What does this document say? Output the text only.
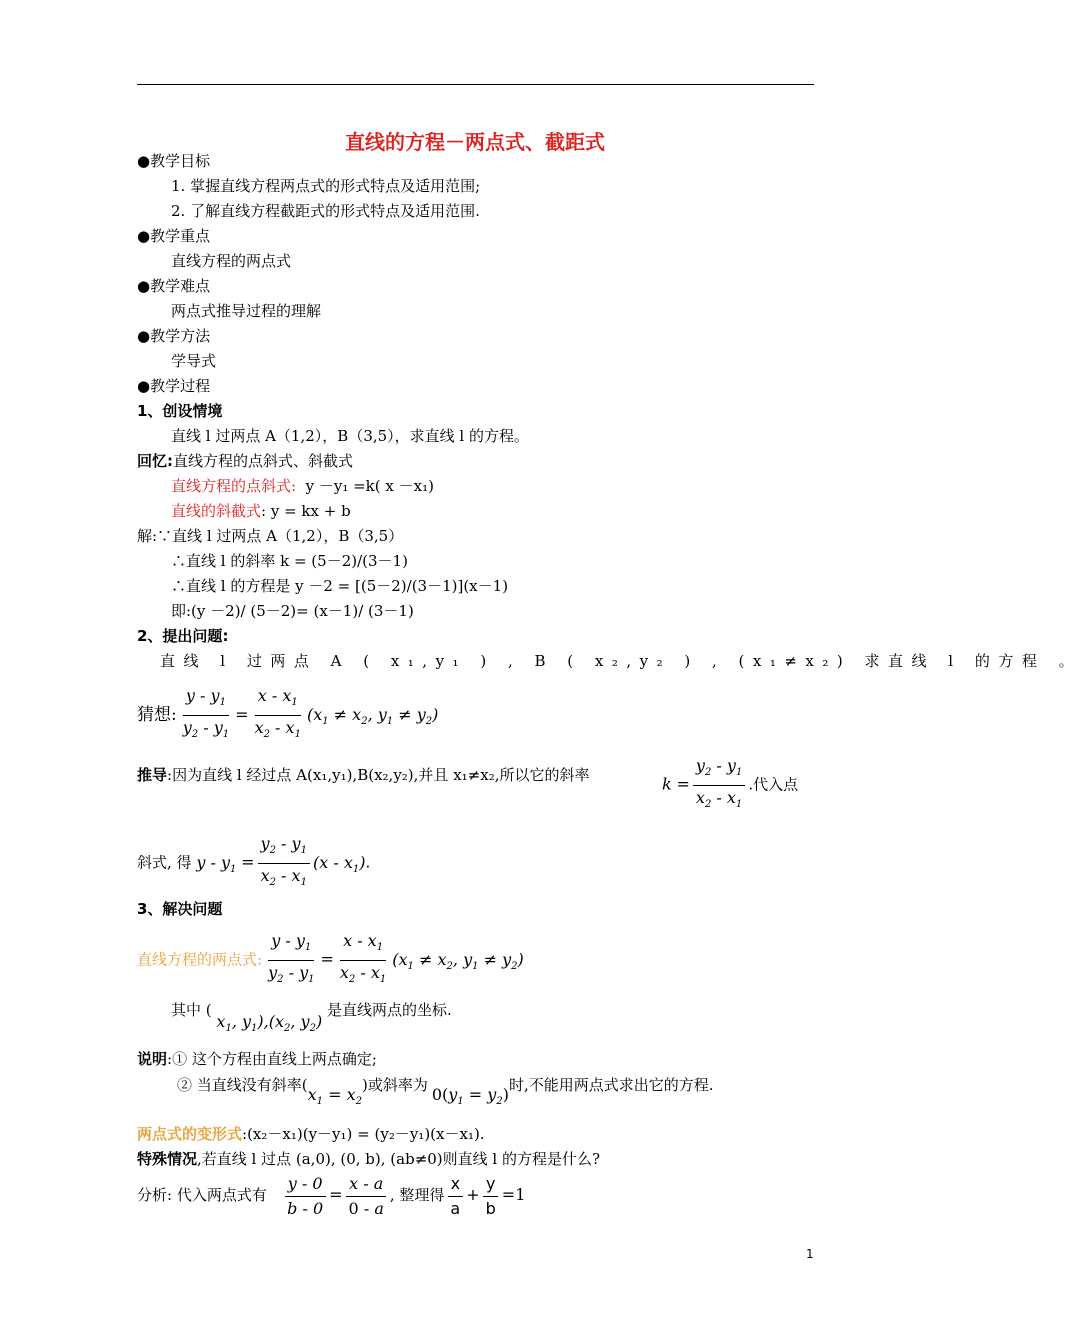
直线的方程－两点式、截距式
●教学目标
1. 掌握直线方程两点式的形式特点及适用范围;
2. 了解直线方程截距式的形式特点及适用范围.
●教学重点
直线方程的两点式
●教学难点
两点式推导过程的理解
●教学方法
学导式
●教学过程
1、创设情境
直线 l 过两点 A（1,2），B（3,5），求直线 l 的方程。
回忆:直线方程的点斜式、斜截式
直线方程的点斜式: y －y₁ =k( x －x₁)
直线的斜截式: y = kx + b
解:∵直线 l 过两点 A（1,2），B（3,5）
∴直线 l 的斜率 k = (5－2)/(3－1)
∴直线 l 的方程是 y －2 = [(5－2)/(3－1)](x－1)
即:(y －2)/ (5－2)= (x－1)/ (3－1)
2、提出问题:
直线 l 过两点 A ( x₁,y₁ ) , B ( x₂,y₂ ) , (x₁≠x₂) 求直线 l 的方程 。
猜想: $\frac{y - y_1}{y_2 - y_1} = \frac{x - x_1}{x_2 - x_1} (x_1 \ne x_2$, $y_1 \ne y_2$)
推导:因为直线 l 经过点 A(x₁,y₁),B(x₂,y₂),并且 x₁≠x₂,所以它的斜率	$k = \frac{y_2 - y_1}{x_2 - x_1}$ .代入点
斜式, 得 $y - y_1 = \frac{y_2 - y_1}{x_2 - x_1} (x - x_1)$.
3、解决问题
直线方程的两点式: $\frac{y - y_1}{y_2 - y_1} = \frac{x - x_1}{x_2 - x_1} (x_1 \ne x_2$, $y_1 \ne y_2$)
其中 ( $x_1$, $y_1),(x_2$, $y_2$) 是直线两点的坐标.
说明:① 这个方程由直线上两点确定;
② 当直线没有斜率$(x_1 = x_2)$或斜率为 $0(y_1 = y_2)$时,不能用两点式求出它的方程.
两点式的变形式:(x₂－x₁)(y－y₁) = (y₂－y₁)(x－x₁).
特殊情况,若直线 l 过点 (a,0), (0, b), (ab≠0)则直线 l 的方程是什么?
分析: 代入两点式有 $\frac{y - 0}{b - 0} = \frac{x - a}{0 - a}$ , 整理得 $\frac{x}{a} + \frac{y}{b} =1$
1
